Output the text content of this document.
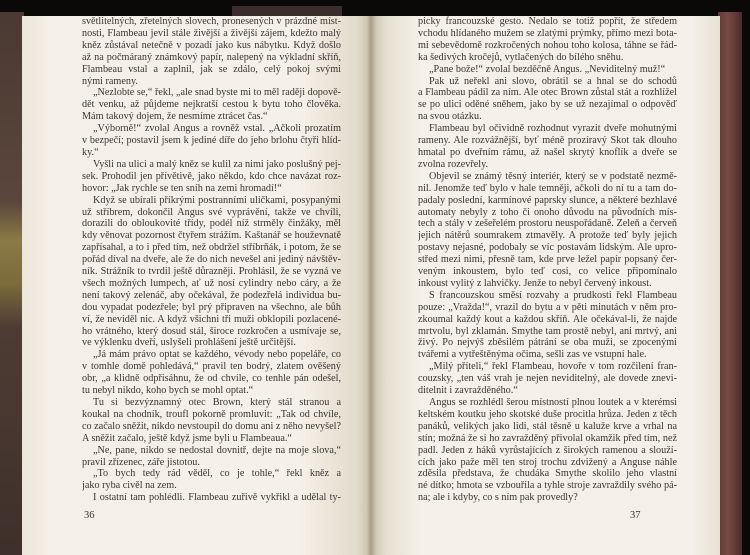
světlitelných, zřetelných slovech, pronesených v prázdné míst-
nosti, Flambeau jevil stále živější a živější zájem, kdežto malý
kněz zůstával netečně v pozadí jako kus nábytku. Když došlo
až na počmáraný známkový papír, nalepený na výkladní skříň,
Flambeau vstal a zaplnil, jak se zdálo, celý pokoj svými
nými rameny.
„Nezlobte se,“ řekl, „ale snad byste mi to měl raději dopově-
dět venku, až půjdeme nejkratší cestou k bytu toho člověka.
Mám takový dojem, že nesmíme ztrácet čas.“
„Výborně!“ zvolal Angus a rovněž vstal. „Ačkoli prozatím
v bezpečí; postavil jsem k jediné díře do jeho brlohu čtyři hlíd-
ky.“
Vyšli na ulici a malý kněz se kulil za nimi jako poslušný pej-
sek. Prohodil jen přívětivě, jako někdo, kdo chce navázat roz-
hovor: „Jak rychle se ten sníh na zemi hromadí!“
Když se ubírali příkrými postranními uličkami, posypanými
už stříbrem, dokončil Angus své vyprávění, takže ve chvíli,
dorazili do obloukovité třídy, podél níž strměly činžáky, měl
kdy věnovat pozornost čtyřem strážím. Kaštanář se houževnatě
zapřísahal, a to i před tím, než obdržel stříbrňák, i potom, že se
pořád díval na dveře, ale že do nich nevešel ani jediný návštěv-
ník. Strážník to tvrdil ještě důrazněji. Prohlásil, že se vyzná ve
všech možných lumpech, ať už nosí cylindry nebo cáry, a že
není takový zelenáč, aby očekával, že podezřelá individua bu-
dou vypadat podezřele; byl prý připraven na všechno, ale bůh
ví, že neviděl nic. A když všichni tři muži obklopili pozlacené-
ho vrátného, který dosud stál, široce rozkročen a usmívaje se,
ve výklenku dveří, uslyšeli prohlášení ještě určitější.
„Já mám právo optat se každého, vévody nebo popeláře, co
v tomhle domě pohledává,“ pravil ten bodrý, zlatem ověšený
obr, „a klidně odpřisáhnu, že od chvíle, co tenhle pán odešel,
tu nebyl nikdo, koho bych se mohl optat.“
Tu si bezvýznamný otec Brown, který stál stranou a
koukal na chodník, troufl pokorně promluvit: „Tak od chvíle,
co začalo sněžit, nikdo nevstoupil do domu ani z něho nevyšel?
A sněžit začalo, ještě když jsme byli u Flambeaua.“
„Ne, pane, nikdo se nedostal dovnitř, dejte na moje slova,“
pravil zřízenec, záře jistotou.
„To bych tedy rád věděl, co je tohle,“ řekl kněz a
jako ryba civěl na zem.
I ostatní tam pohlédli. Flambeau zuřivě vykřikl a udělal ty-
36
picky francouzské gesto. Nedalo se totiž popřít, že středem
vchodu hlídaného mužem se zlatými prýmky, přímo mezi bota-
mi sebevědomě rozkročených nohou toho kolosa, táhne se řád-
ka šedivých kročejů, vytlačených do bílého sněhu.
„Pane bože!“ zvolal bezděčně Angus. „Neviditelný muž!“
Pak už neřekl ani slovo, obrátil se a hnal se do schodů
a Flambeau pádil za ním. Ale otec Brown zůstal stát a rozhlížel
se po ulici oděné sněhem, jako by se už nezajímal o odpověď
na svou otázku.
Flambeau byl očividně rozhodnut vyrazit dveře mohutnými
rameny. Ale rozvážnější, byť méně prozíravý Skot tak dlouho
hmatal po dveřním rámu, až našel skrytý knoflík a dveře se
zvolna rozevřely.
Objevil se známý těsný interiér, který se v podstatě nezmě-
nil. Jenomže teď bylo v hale temněji, ačkoli do ní tu a tam do-
padaly poslední, karmínové paprsky slunce, a některé bezhlavé
automaty nebyly z toho či onoho důvodu na původních mís-
tech a stály v zešeřelém prostoru neuspořádaně. Zeleň a červeň
jejich nátěrů soumrakem ztmavěly. A protože teď byly jejich
postavy nejasné, podobaly se víc postavám lidským. Ale upro-
střed mezi nimi, přesně tam, kde prve ležel papír popsaný čer-
veným inkoustem, bylo teď cosi, co velice připomínalo
inkoust vylitý z lahvičky. Jenže to nebyl červený inkoust.
S francouzskou směsí rozvahy a prudkosti řekl Flambeau
pouze: „Vražda!“, vrazil do bytu a v pěti minutách v něm pro-
zkoumal každý kout a každou skříň. Ale očekával-li, že najde
mrtvolu, byl zklamán. Smythe tam prostě nebyl, ani mrtvý, ani
živý. Po nejvýš zběsilém pátrání se oba muži, se zpocenými
tvářemi a vytřeštěnýma očima, sešli zas ve vstupní hale.
„Milý příteli,“ řekl Flambeau, hovoře v tom rozčilení fran-
couzsky, „ten váš vrah je nejen neviditelný, ale dovede znevi-
ditelnit i zavražděného.“
Angus se rozhlédl šerou místností plnou loutek a v kterémsi
keltském koutku jeho skotské duše procitla hrůza. Jeden z těch
panáků, velikých jako lidi, stál těsně u kaluže krve a vrhal na
stín; možná že si ho zavražděný přivolal okamžik před tím, než
padl. Jeden z háků vyrůstajících z širokých ramenou a slouží-
cích jako paže měl ten stroj trochu zdvižený a Anguse náhle
zděsila představa, že chudáka Smythe skolilo jeho vlastní
né dítko; hmota se vzbouřila a tyhle stroje zavraždily svého pá-
na; ale i kdyby, co s ním pak provedly?
37
